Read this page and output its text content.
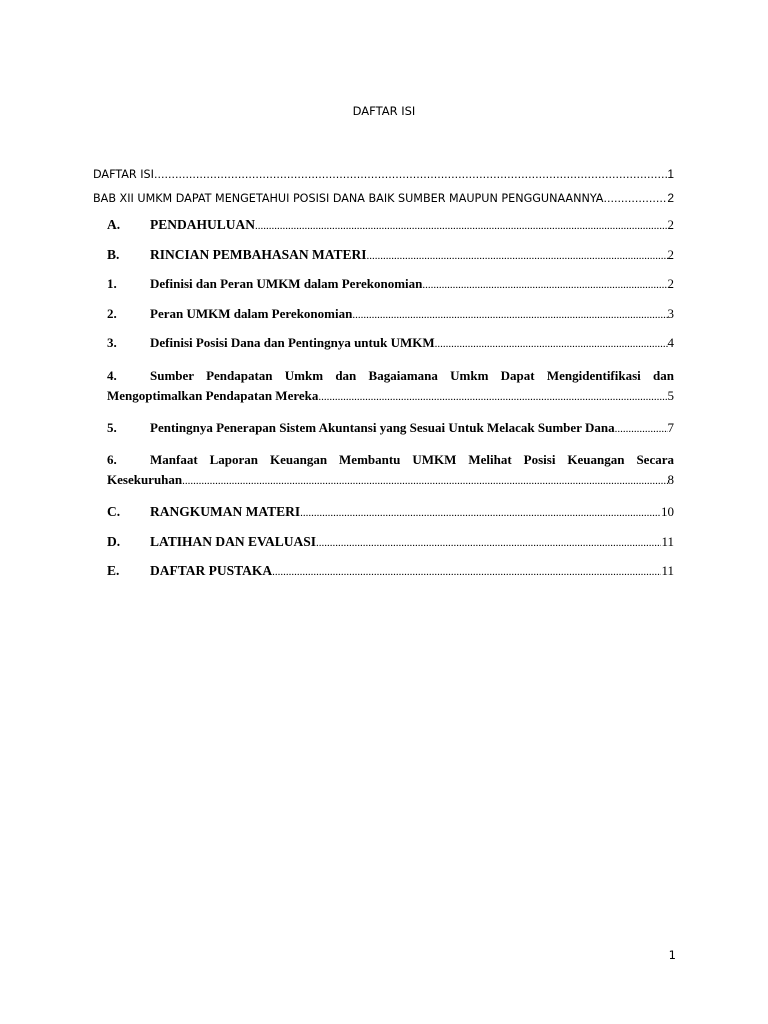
DAFTAR ISI
DAFTAR ISI .....	1
BAB XII UMKM DAPAT MENGETAHUI POSISI DANA BAIK SUMBER MAUPUN PENGGUNAANNYA .....	2
A. PENDAHULUAN .....	2
B. RINCIAN PEMBAHASAN MATERI .....	2
1.	Definisi dan Peran UMKM dalam Perekonomian .....	2
2.	Peran UMKM dalam Perekonomian .....	3
3.	Definisi Posisi Dana dan Pentingnya untuk UMKM .....	4
4.	Sumber Pendapatan Umkm dan Bagaiamana Umkm Dapat Mengidentifikasi dan
Mengoptimalkan Pendapatan Mereka .....	5
5.	Pentingnya Penerapan Sistem Akuntansi yang Sesuai Untuk Melacak Sumber Dana .....	7
6.	Manfaat Laporan Keuangan Membantu UMKM Melihat Posisi Keuangan Secara
Kesekuruhan .....	8
C. RANGKUMAN MATERI .....	10
D. LATIHAN DAN EVALUASI .....	11
E. DAFTAR PUSTAKA .....	11
1
